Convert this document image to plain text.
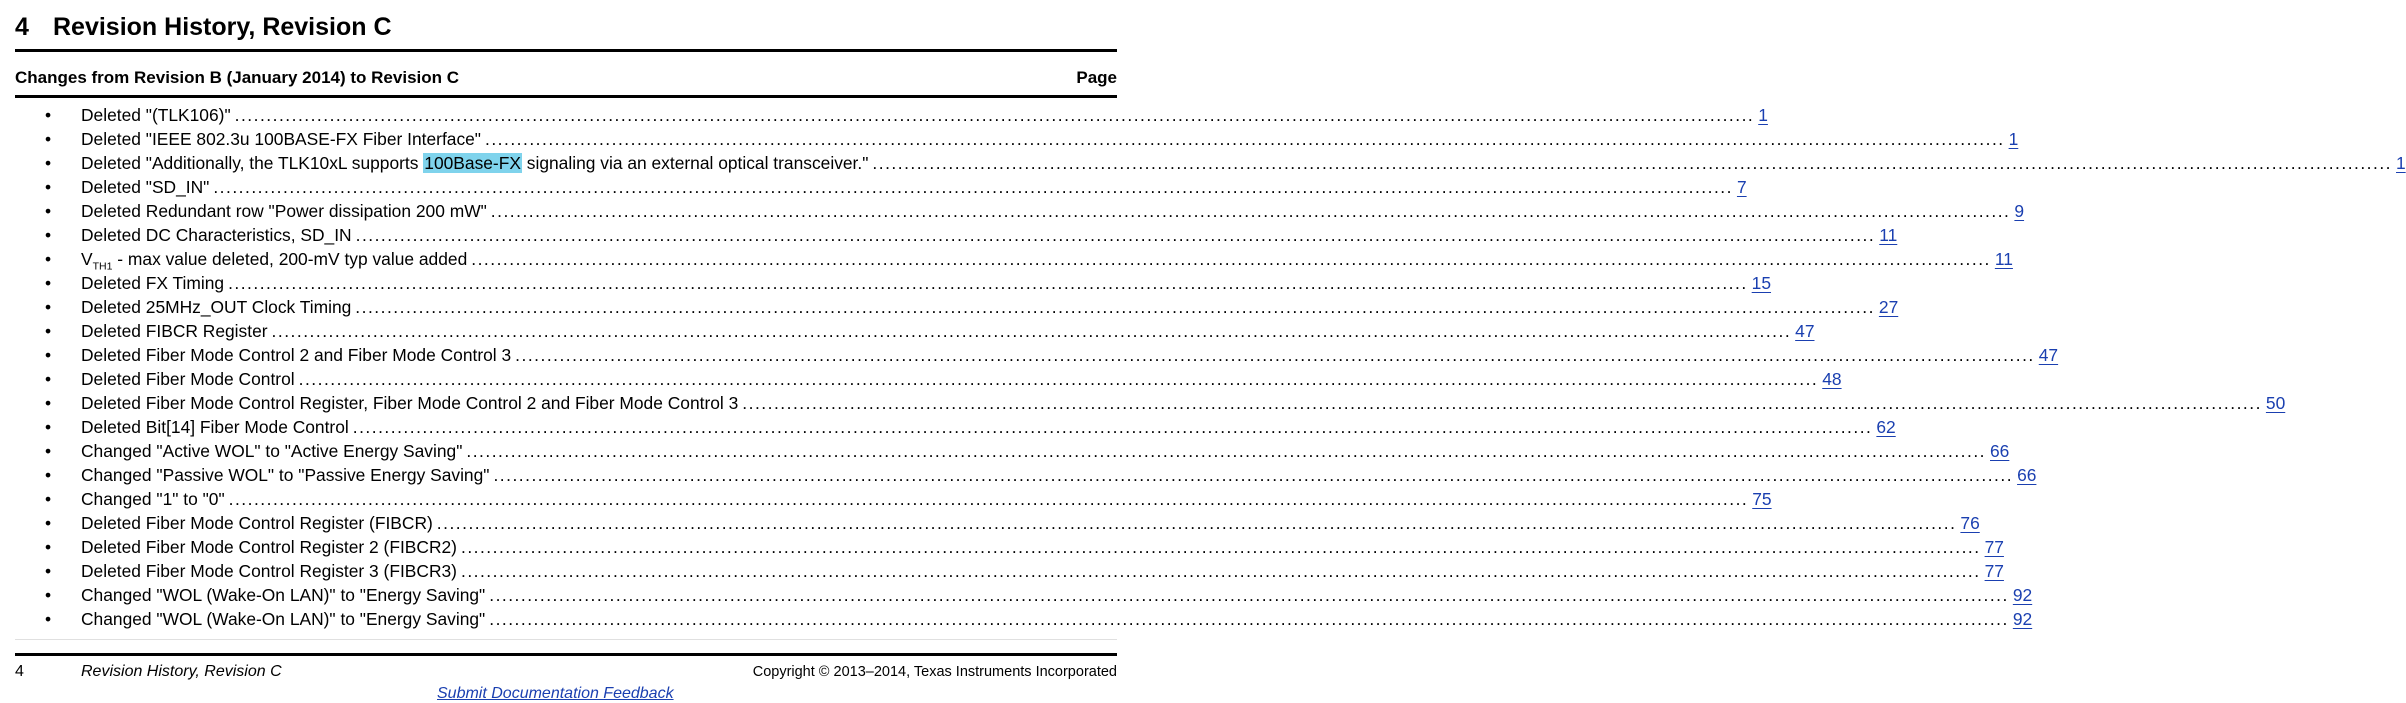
4 Revision History, Revision C
Changes from Revision B (January 2014) to Revision C	Page
• Deleted "(TLK106)" ................................................................................................................................................................................................................................................ 1
• Deleted "IEEE 802.3u 100BASE-FX Fiber Interface" ................................................................................................................................................................................................................................................ 1
• Deleted "Additionally, the TLK10xL supports 100Base-FX signaling via an external optical transceiver." ................................................................................................................................................................................................................................................ 1
• Deleted "SD_IN" ................................................................................................................................................................................................................................................ 7
• Deleted Redundant row "Power dissipation 200 mW" ................................................................................................................................................................................................................................................ 9
• Deleted DC Characteristics, SD_IN ................................................................................................................................................................................................................................................ 11
• $V_{TH1}$ - max value deleted, 200-mV typ value added ................................................................................................................................................................................................................................................ 11
• Deleted FX Timing ................................................................................................................................................................................................................................................ 15
• Deleted 25MHz_OUT Clock Timing ................................................................................................................................................................................................................................................ 27
• Deleted FIBCR Register ................................................................................................................................................................................................................................................ 47
• Deleted Fiber Mode Control 2 and Fiber Mode Control 3 ................................................................................................................................................................................................................................................ 47
• Deleted Fiber Mode Control ................................................................................................................................................................................................................................................ 48
• Deleted Fiber Mode Control Register, Fiber Mode Control 2 and Fiber Mode Control 3 ................................................................................................................................................................................................................................................ 50
• Deleted Bit[14] Fiber Mode Control ................................................................................................................................................................................................................................................ 62
• Changed "Active WOL" to "Active Energy Saving" ................................................................................................................................................................................................................................................ 66
• Changed "Passive WOL" to "Passive Energy Saving" ................................................................................................................................................................................................................................................ 66
• Changed "1" to "0" ................................................................................................................................................................................................................................................ 75
• Deleted Fiber Mode Control Register (FIBCR) ................................................................................................................................................................................................................................................ 76
• Deleted Fiber Mode Control Register 2 (FIBCR2) ................................................................................................................................................................................................................................................ 77
• Deleted Fiber Mode Control Register 3 (FIBCR3) ................................................................................................................................................................................................................................................ 77
• Changed "WOL (Wake-On LAN)" to "Energy Saving" ................................................................................................................................................................................................................................................ 92
• Changed "WOL (Wake-On LAN)" to "Energy Saving" ................................................................................................................................................................................................................................................ 92
4	Revision History, Revision C	Copyright © 2013–2014, Texas Instruments Incorporated
Submit Documentation Feedback
